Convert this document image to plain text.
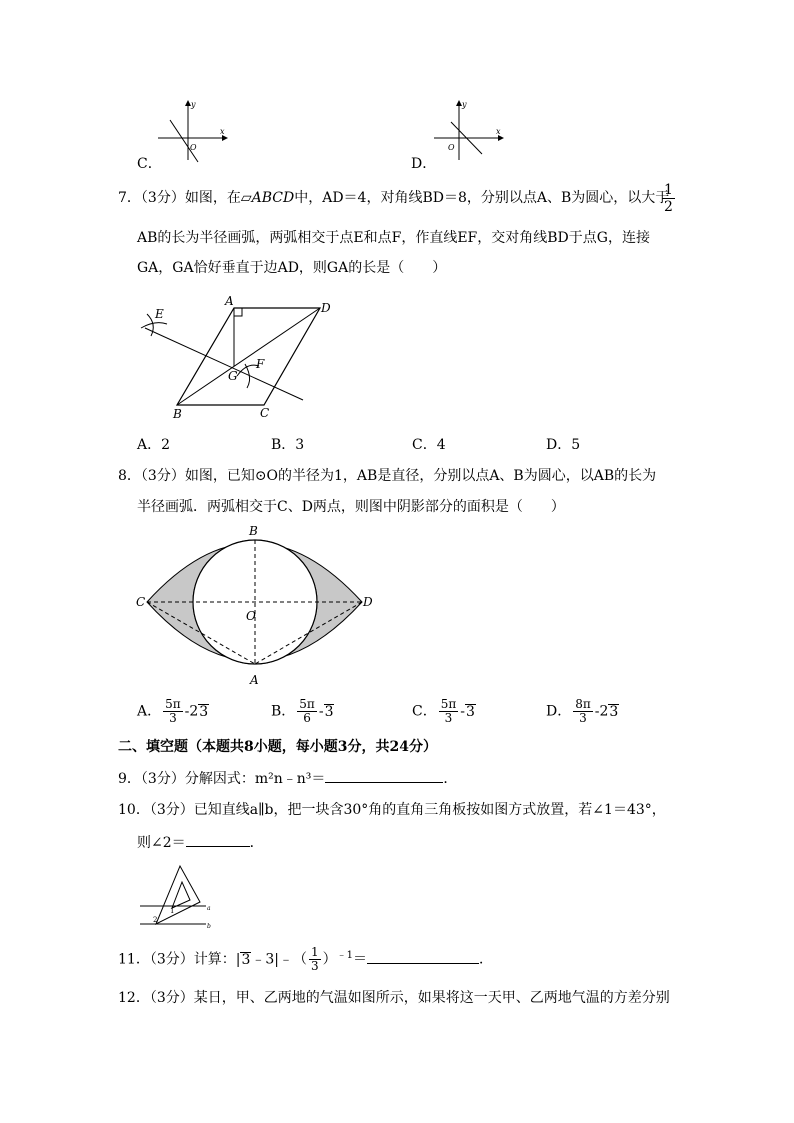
y
x
O
C．
y
x
O
D．
7．（3分）如图，在▱ABCD中，AD＝4，对角线BD＝8，分别以点A、B为圆心，以大于
$\frac{1}{2}$
AB的长为半径画弧，两弧相交于点E和点F，作直线EF，交对角线BD于点G，连接
GA，GA恰好垂直于边AD，则GA的长是（　　）
A	D
B	C
E
F
G
A．2	B．3	C．4	D．5
8．（3分）如图，已知⊙O的半径为1，AB是直径，分别以点A、B为圆心，以AB的长为
半径画弧．两弧相交于C、D两点，则图中阴影部分的面积是（　　）
B
A
C	D
O
A． $\frac{5\pi}{3} -23$	B． $\frac{5\pi}{6} -3$	C． $\frac{5\pi}{3} -3$	D． $\frac{8\pi}{3} -23$
二、填空题（本题共8小题，每小题3分，共24分）
9．（3分）分解因式：m²n﹣n³＝	．
10．（3分）已知直线a∥b，把一块含30°角的直角三角板按如图方式放置，若∠1＝43°，
则∠2＝	．
a
b
1
2
11．（3分）计算：|3﹣3|﹣（ $\frac{1}{3} )^{﹣1}=$	．
12．（3分）某日，甲、乙两地的气温如图所示，如果将这一天甲、乙两地气温的方差分别
